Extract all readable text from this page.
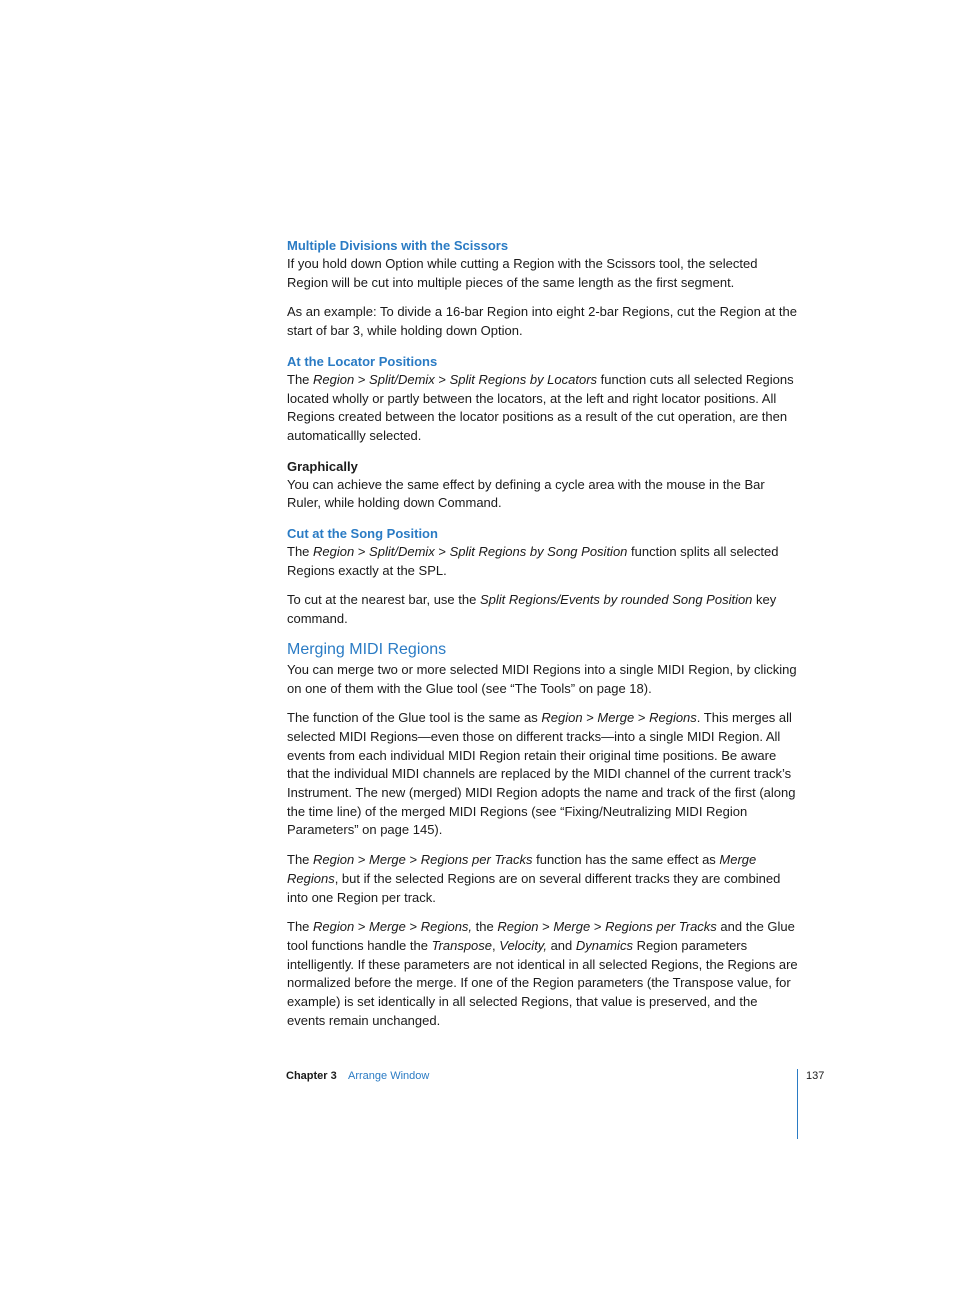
Multiple Divisions with the Scissors

If you hold down Option while cutting a Region with the Scissors tool, the selected Region will be cut into multiple pieces of the same length as the first segment.

As an example: To divide a 16-bar Region into eight 2-bar Regions, cut the Region at the start of bar 3, while holding down Option.

At the Locator Positions

The Region > Split/Demix > Split Regions by Locators function cuts all selected Regions located wholly or partly between the locators, at the left and right locator positions. All Regions created between the locator positions as a result of the cut operation, are then automaticallly selected.

Graphically

You can achieve the same effect by defining a cycle area with the mouse in the Bar Ruler, while holding down Command.

Cut at the Song Position

The Region > Split/Demix > Split Regions by Song Position function splits all selected Regions exactly at the SPL.

To cut at the nearest bar, use the Split Regions/Events by rounded Song Position key command.

Merging MIDI Regions

You can merge two or more selected MIDI Regions into a single MIDI Region, by clicking on one of them with the Glue tool (see “The Tools” on page 18).

The function of the Glue tool is the same as Region > Merge > Regions. This merges all selected MIDI Regions—even those on different tracks—into a single MIDI Region. All events from each individual MIDI Region retain their original time positions. Be aware that the individual MIDI channels are replaced by the MIDI channel of the current track’s Instrument. The new (merged) MIDI Region adopts the name and track of the first (along the time line) of the merged MIDI Regions (see “Fixing/Neutralizing MIDI Region Parameters” on page 145).

The Region > Merge > Regions per Tracks function has the same effect as Merge Regions, but if the selected Regions are on several different tracks they are combined into one Region per track.

The Region > Merge > Regions, the Region > Merge > Regions per Tracks and the Glue tool functions handle the Transpose, Velocity, and Dynamics Region parameters intelligently. If these parameters are not identical in all selected Regions, the Regions are normalized before the merge. If one of the Region parameters (the Transpose value, for example) is set identically in all selected Regions, that value is preserved, and the events remain unchanged.

Chapter 3 Arrange Window	137
